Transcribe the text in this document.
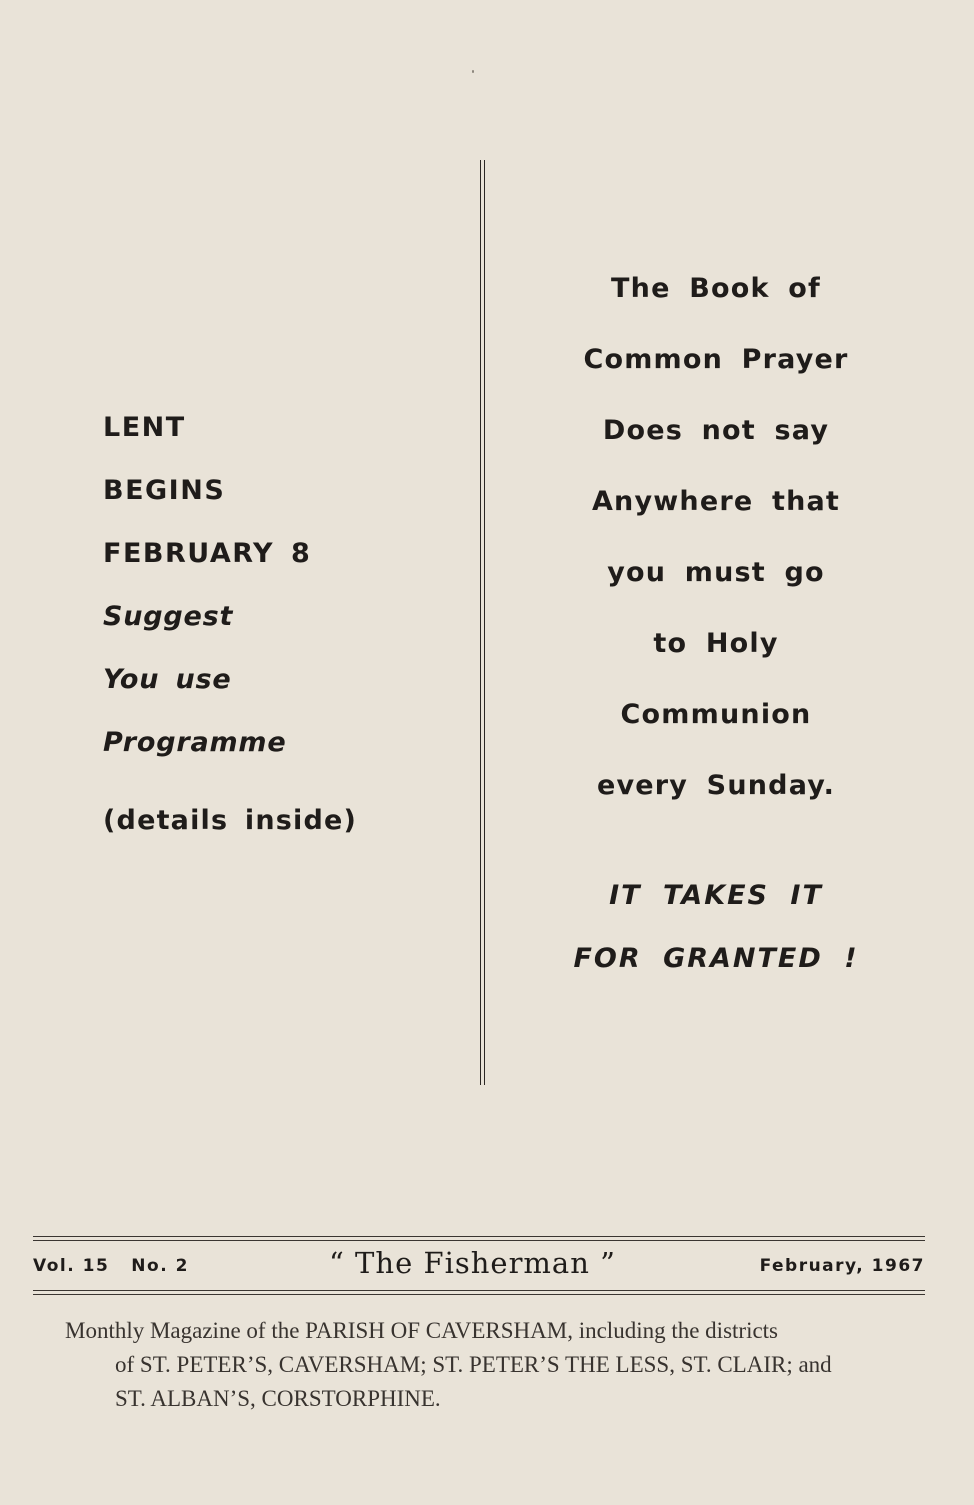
LENT
BEGINS
FEBRUARY 8
Suggest
You use
Programme
(details inside)
The Book of
Common Prayer
Does not say
Anywhere that
you must go
to Holy
Communion
every Sunday.
IT TAKES IT
FOR GRANTED !
Vol. 15 No. 2	“ The Fisherman ”	February, 1967
Monthly Magazine of the PARISH OF CAVERSHAM, including the districts
of ST. PETER’S, CAVERSHAM; ST. PETER’S THE LESS, ST. CLAIR; and
ST. ALBAN’S, CORSTORPHINE.
